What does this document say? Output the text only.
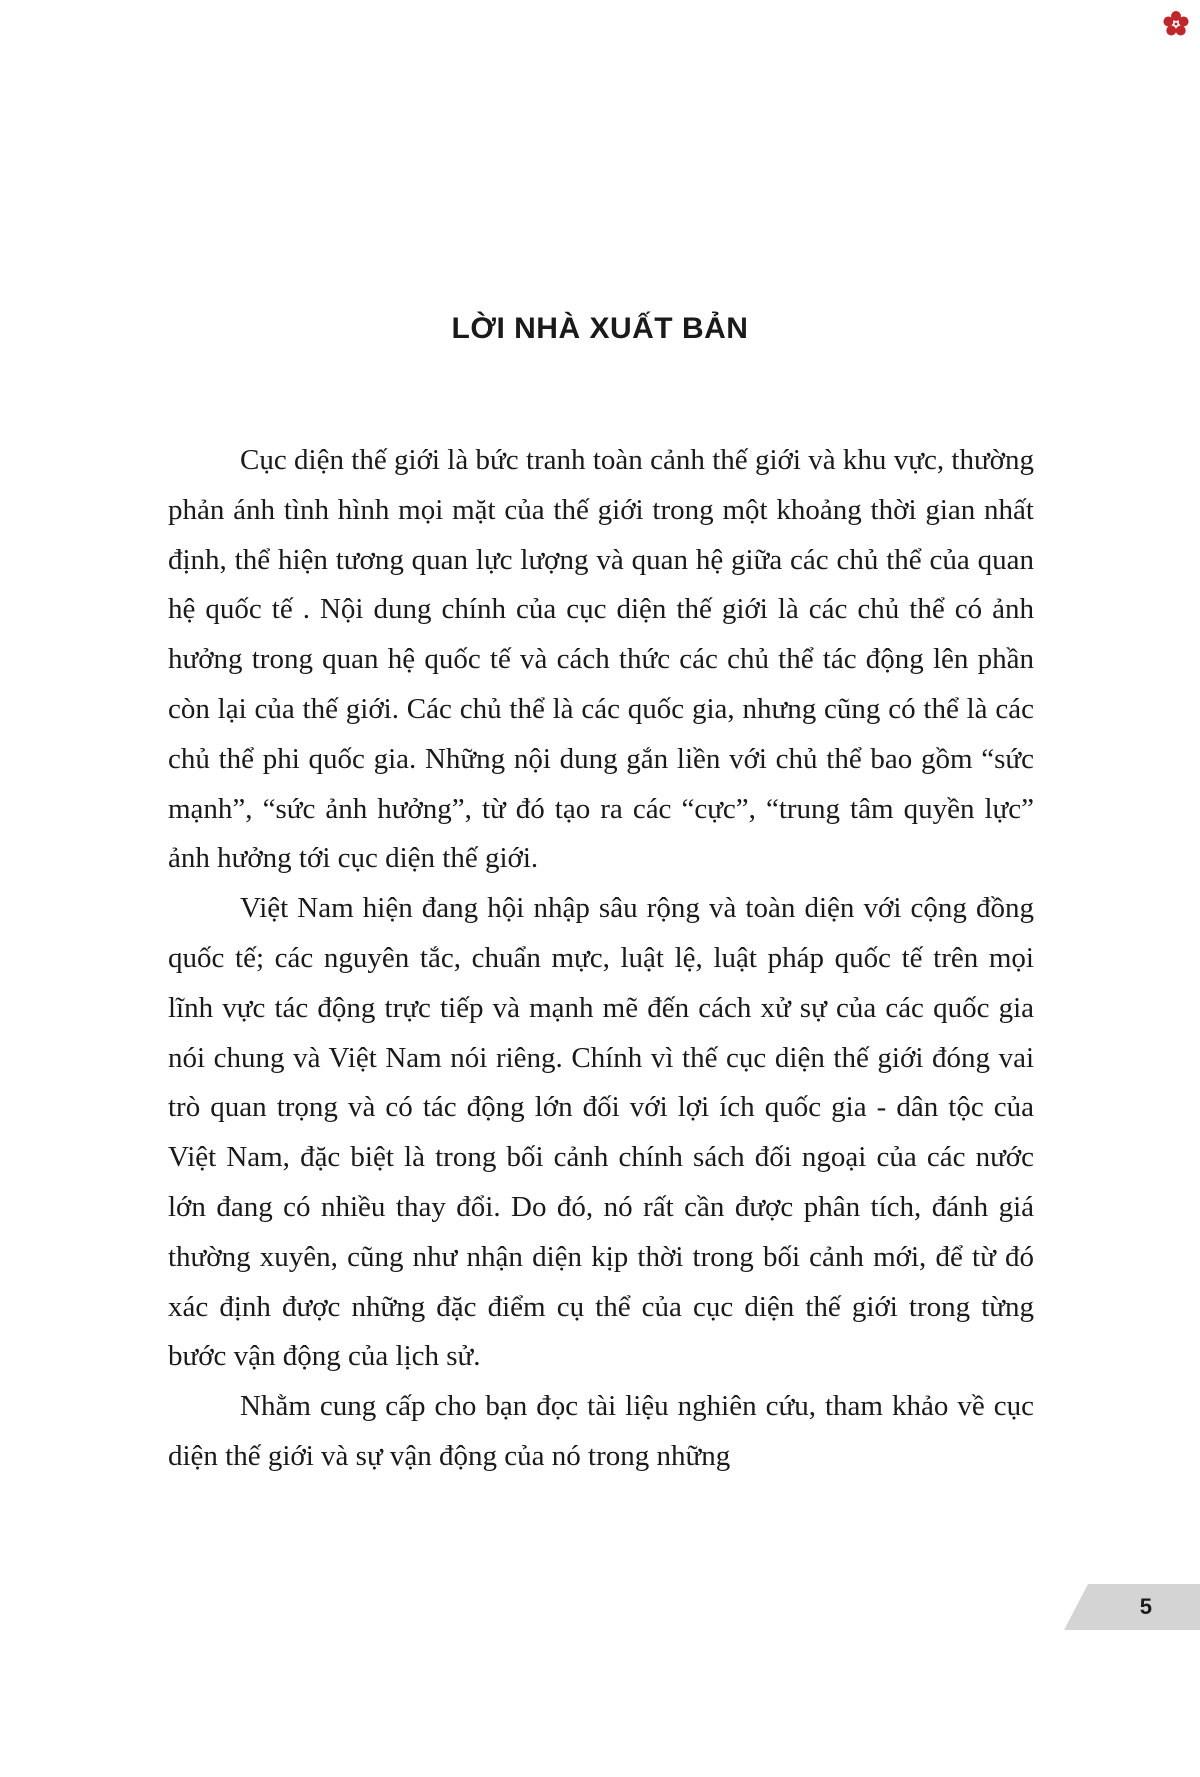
LỜI NHÀ XUẤT BẢN

Cục diện thế giới là bức tranh toàn cảnh thế giới và khu vực, thường phản ánh tình hình mọi mặt của thế giới trong một khoảng thời gian nhất định, thể hiện tương quan lực lượng và quan hệ giữa các chủ thể của quan hệ quốc tế . Nội dung chính của cục diện thế giới là các chủ thể có ảnh hưởng trong quan hệ quốc tế và cách thức các chủ thể tác động lên phần còn lại của thế giới. Các chủ thể là các quốc gia, nhưng cũng có thể là các chủ thể phi quốc gia. Những nội dung gắn liền với chủ thể bao gồm “sức mạnh”, “sức ảnh hưởng”, từ đó tạo ra các “cực”, “trung tâm quyền lực” ảnh hưởng tới cục diện thế giới.

Việt Nam hiện đang hội nhập sâu rộng và toàn diện với cộng đồng quốc tế; các nguyên tắc, chuẩn mực, luật lệ, luật pháp quốc tế trên mọi lĩnh vực tác động trực tiếp và mạnh mẽ đến cách xử sự của các quốc gia nói chung và Việt Nam nói riêng. Chính vì thế cục diện thế giới đóng vai trò quan trọng và có tác động lớn đối với lợi ích quốc gia - dân tộc của Việt Nam, đặc biệt là trong bối cảnh chính sách đối ngoại của các nước lớn đang có nhiều thay đổi. Do đó, nó rất cần được phân tích, đánh giá thường xuyên, cũng như nhận diện kịp thời trong bối cảnh mới, để từ đó xác định được những đặc điểm cụ thể của cục diện thế giới trong từng bước vận động của lịch sử.

Nhằm cung cấp cho bạn đọc tài liệu nghiên cứu, tham khảo về cục diện thế giới và sự vận động của nó trong những

5
